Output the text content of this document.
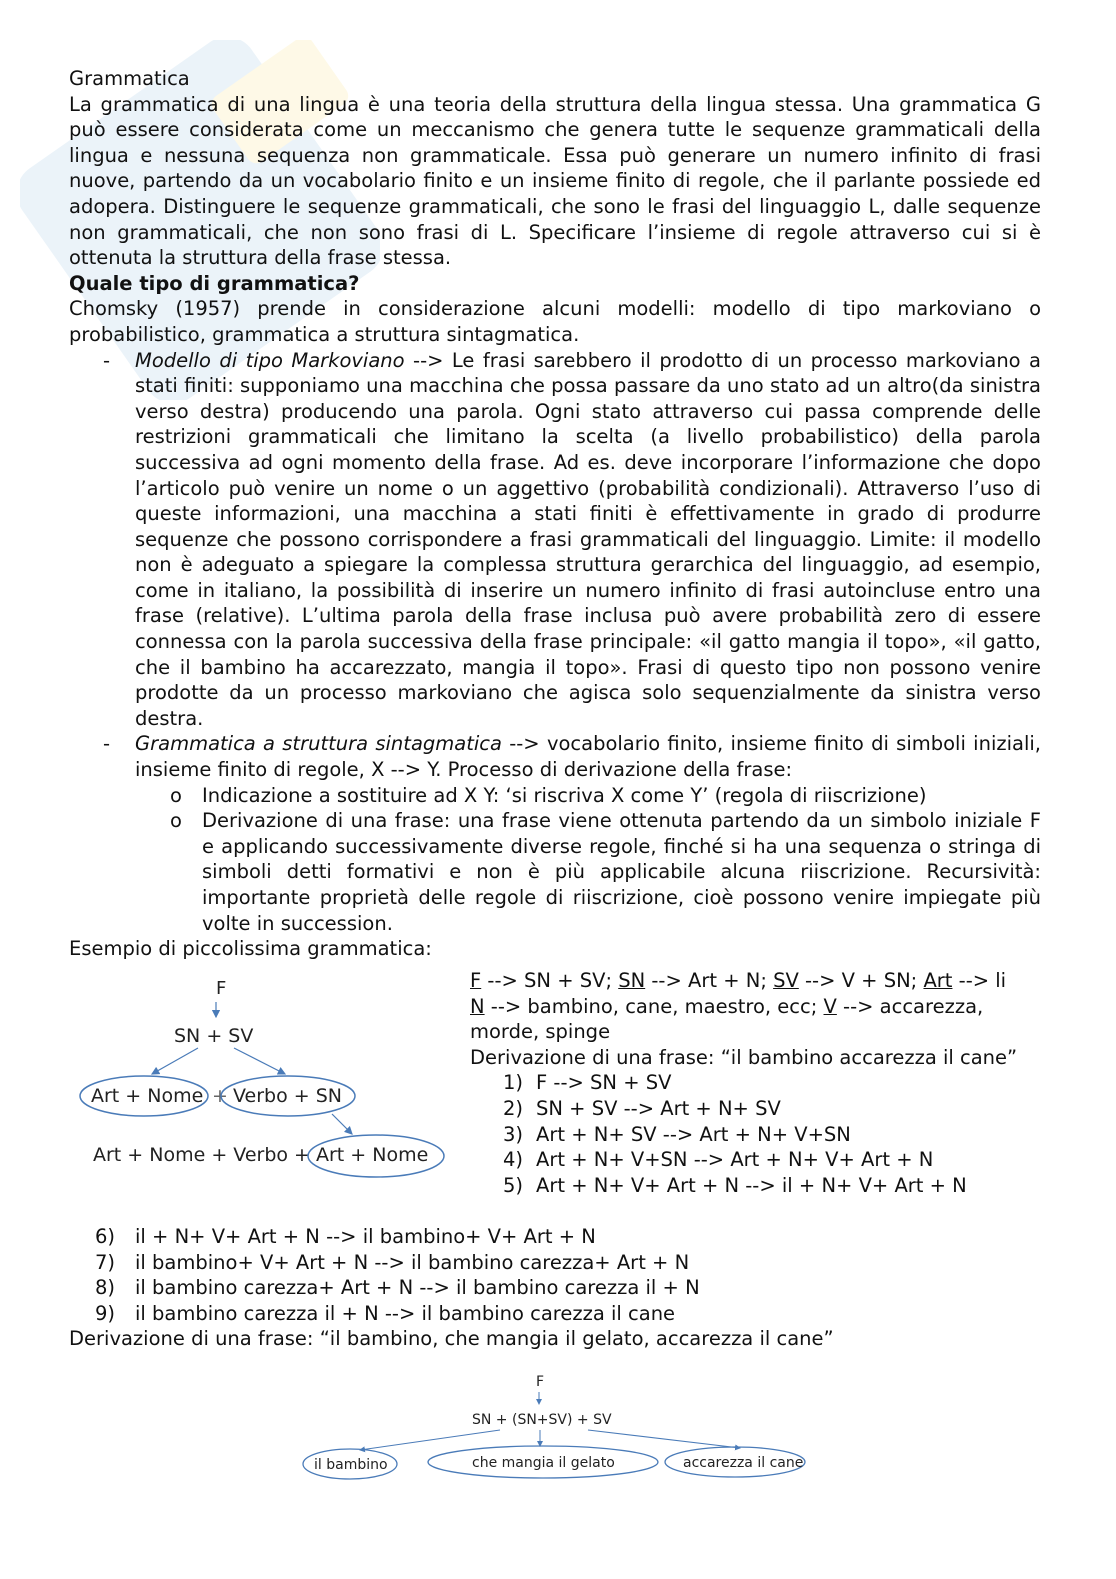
Grammatica

La grammatica di una lingua è una teoria della struttura della lingua stessa. Una grammatica G può essere considerata come un meccanismo che genera tutte le sequenze grammaticali della lingua e nessuna sequenza non grammaticale. Essa può generare un numero infinito di frasi nuove, partendo da un vocabolario finito e un insieme finito di regole, che il parlante possiede ed adopera. Distinguere le sequenze grammaticali, che sono le frasi del linguaggio L, dalle sequenze non grammaticali, che non sono frasi di L. Specificare l’insieme di regole attraverso cui si è ottenuta la struttura della frase stessa.

Quale tipo di grammatica?

Chomsky (1957) prende in considerazione alcuni modelli: modello di tipo markoviano o probabilistico, grammatica a struttura sintagmatica.

- Modello di tipo Markoviano --> Le frasi sarebbero il prodotto di un processo markoviano a stati finiti: supponiamo una macchina che possa passare da uno stato ad un altro(da sinistra verso destra) producendo una parola. Ogni stato attraverso cui passa comprende delle restrizioni grammaticali che limitano la scelta (a livello probabilistico) della parola successiva ad ogni momento della frase. Ad es. deve incorporare l’informazione che dopo l’articolo può venire un nome o un aggettivo (probabilità condizionali). Attraverso l’uso di queste informazioni, una macchina a stati finiti è effettivamente in grado di produrre sequenze che possono corrispondere a frasi grammaticali del linguaggio. Limite: il modello non è adeguato a spiegare la complessa struttura gerarchica del linguaggio, ad esempio, come in italiano, la possibilità di inserire un numero infinito di frasi autoincluse entro una frase (relative). L’ultima parola della frase inclusa può avere probabilità zero di essere connessa con la parola successiva della frase principale: «il gatto mangia il topo», «il gatto, che il bambino ha accarezzato, mangia il topo». Frasi di questo tipo non possono venire prodotte da un processo markoviano che agisca solo sequenzialmente da sinistra verso destra.
- Grammatica a struttura sintagmatica --> vocabolario finito, insieme finito di simboli iniziali, insieme finito di regole, X --> Y. Processo di derivazione della frase:
o Indicazione a sostituire ad X Y: ‘si riscriva X come Y’ (regola di riiscrizione)
o Derivazione di una frase: una frase viene ottenuta partendo da un simbolo iniziale F e applicando successivamente diverse regole, finché si ha una sequenza o stringa di simboli detti formativi e non è più applicabile alcuna riiscrizione. Recursività: importante proprietà delle regole di riiscrizione, cioè possono venire impiegate più volte in succession.

Esempio di piccolissima grammatica:

F
SN + SV
Art + Nome + Verbo + SN
Art + Nome + Verbo + Art + Nome

F --> SN + SV; SN --> Art + N; SV --> V + SN; Art --> li
N --> bambino, cane, maestro, ecc; V --> accarezza, morde, spinge

Derivazione di una frase: “il bambino accarezza il cane”

1) F --> SN + SV
2) SN + SV --> Art + N+ SV
3) Art + N+ SV --> Art + N+ V+SN
4) Art + N+ V+SN --> Art + N+ V+ Art + N
5) Art + N+ V+ Art + N --> il + N+ V+ Art + N
6) il + N+ V+ Art + N --> il bambino+ V+ Art + N
7) il bambino+ V+ Art + N --> il bambino carezza+ Art + N
8) il bambino carezza+ Art + N --> il bambino carezza il + N
9) il bambino carezza il + N --> il bambino carezza il cane

Derivazione di una frase: “il bambino, che mangia il gelato, accarezza il cane”

F
SN + (SN+SV) + SV
il bambino	che mangia il gelato	accarezza il cane
